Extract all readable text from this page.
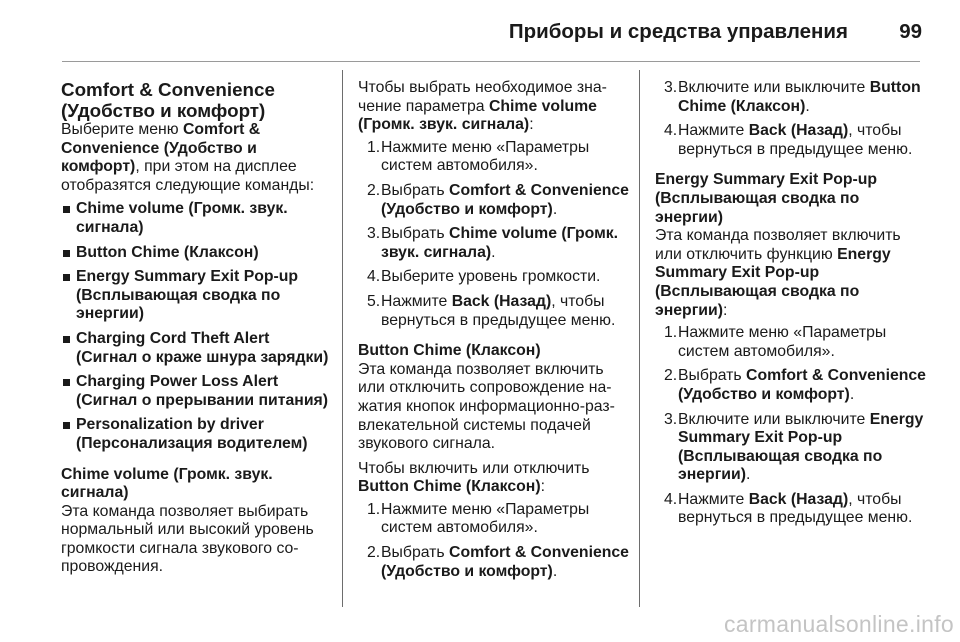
Приборы и средства управления 99

Comfort & Convenience (Удобство и комфорт)

Выберите меню Comfort & Convenience (Удобство и комфорт), при этом на дисплее отобразятся следующие команды:

Chime volume (Громк. звук. сигнала)
Button Chime (Клаксон)
Energy Summary Exit Pop-up (Всплывающая сводка по энергии)
Charging Cord Theft Alert (Сигнал о краже шнура зарядки)
Charging Power Loss Alert (Сигнал о прерывании питания)
Personalization by driver (Персонализация водителем)

Chime volume (Громк. звук. сигнала)

Эта команда позволяет выбирать нормальный или высокий уровень громкости сигнала звукового со-провождения.

Чтобы выбрать необходимое зна-чение параметра Chime volume (Громк. звук. сигнала):

1. Нажмите меню «Параметры систем автомобиля».
2. Выбрать Comfort & Convenience (Удобство и комфорт).
3. Выбрать Chime volume (Громк. звук. сигнала).
4. Выберите уровень громкости.
5. Нажмите Back (Назад), чтобы вернуться в предыдущее меню.

Button Chime (Клаксон)

Эта команда позволяет включить или отключить сопровождение на-жатия кнопок информационно-раз-влекательной системы подачей звукового сигнала.

Чтобы включить или отключить Button Chime (Клаксон):

1. Нажмите меню «Параметры систем автомобиля».
2. Выбрать Comfort & Convenience (Удобство и комфорт).
3. Включите или выключите Button Chime (Клаксон).
4. Нажмите Back (Назад), чтобы вернуться в предыдущее меню.

Energy Summary Exit Pop-up (Всплывающая сводка по энергии)

Эта команда позволяет включить или отключить функцию Energy Summary Exit Pop-up (Всплывающая сводка по энергии):

1. Нажмите меню «Параметры систем автомобиля».
2. Выбрать Comfort & Convenience (Удобство и комфорт).
3. Включите или выключите Energy Summary Exit Pop-up (Всплывающая сводка по энергии).
4. Нажмите Back (Назад), чтобы вернуться в предыдущее меню.
carmanualsonline.info
